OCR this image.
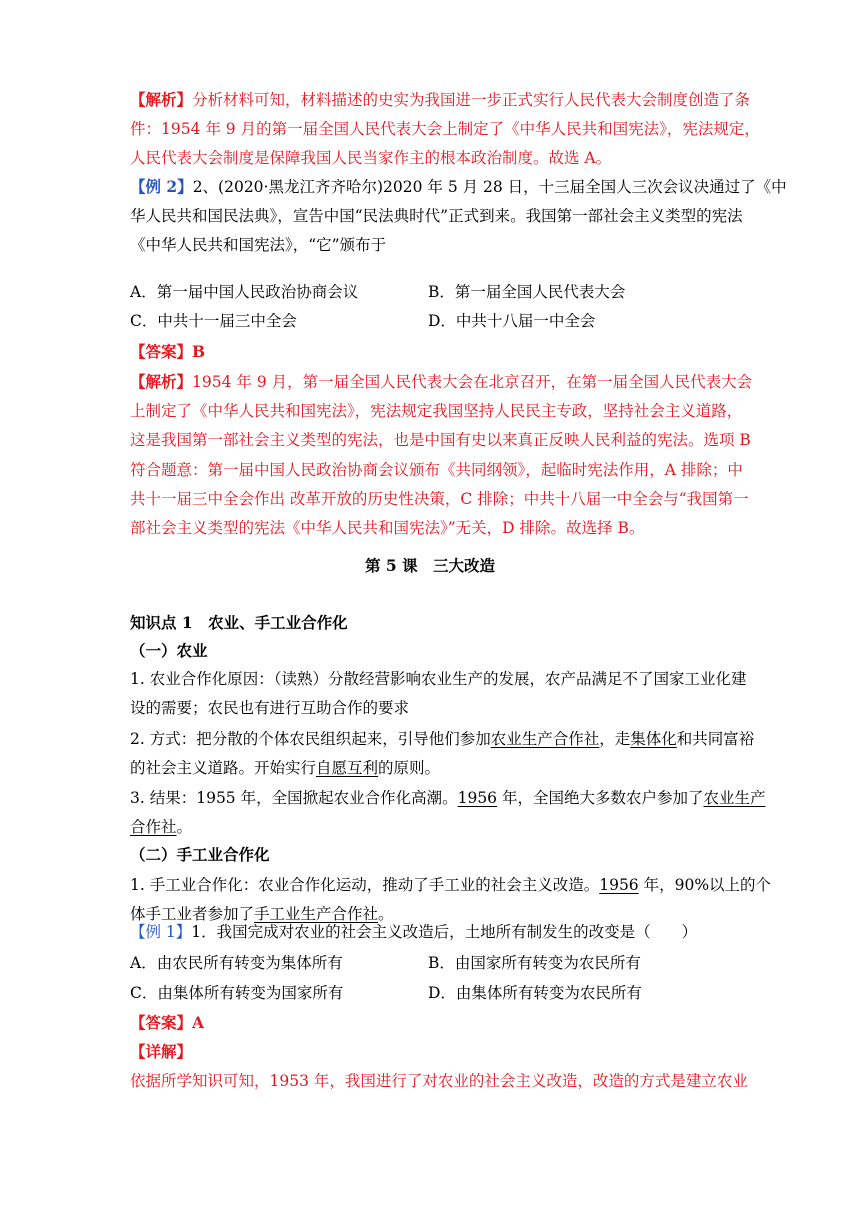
【解析】分析材料可知，材料描述的史实为我国进一步正式实行人民代表大会制度创造了条
件：1954 年 9 月的第一届全国人民代表大会上制定了《中华人民共和国宪法》，宪法规定，
人民代表大会制度是保障我国人民当家作主的根本政治制度。故选 A。
【例 2】2、(2020·黑龙江齐齐哈尔)2020 年 5 月 28 日，十三届全国人三次会议决通过了《中
华人民共和国民法典》，宣告中国“民法典时代”正式到来。我国第一部社会主义类型的宪法
《中华人民共和国宪法》，“它”颁布于
A．第一届中国人民政治协商会议	B．第一届全国人民代表大会
C．中共十一届三中全会	D．中共十八届一中全会
【答案】B
【解析】1954 年 9 月，第一届全国人民代表大会在北京召开，在第一届全国人民代表大会
上制定了《中华人民共和国宪法》，宪法规定我国坚持人民民主专政，坚持社会主义道路，
这是我国第一部社会主义类型的宪法，也是中国有史以来真正反映人民利益的宪法。选项 B
符合题意：第一届中国人民政治协商会议颁布《共同纲领》，起临时宪法作用，A 排除；中
共十一届三中全会作出 改革开放的历史性决策，C 排除；中共十八届一中全会与“我国第一
部社会主义类型的宪法《中华人民共和国宪法》”无关，D 排除。故选择 B。
第 5 课　三大改造
知识点 1　农业、手工业合作化
（一）农业
1. 农业合作化原因：（读熟）分散经营影响农业生产的发展，农产品满足不了国家工业化建
设的需要；农民也有进行互助合作的要求
2. 方式：把分散的个体农民组织起来，引导他们参加农业生产合作社，走集体化和共同富裕
的社会主义道路。开始实行自愿互利的原则。
3. 结果：1955 年，全国掀起农业合作化高潮。1956 年，全国绝大多数农户参加了农业生产
合作社。
（二）手工业合作化
1. 手工业合作化：农业合作化运动，推动了手工业的社会主义改造。1956 年，90%以上的个
体手工业者参加了手工业生产合作社。
【例 1】1．我国完成对农业的社会主义改造后，土地所有制发生的改变是（　　）
A．由农民所有转变为集体所有	B．由国家所有转变为农民所有
C．由集体所有转变为国家所有	D．由集体所有转变为农民所有
【答案】A
【详解】
依据所学知识可知，1953 年，我国进行了对农业的社会主义改造，改造的方式是建立农业
